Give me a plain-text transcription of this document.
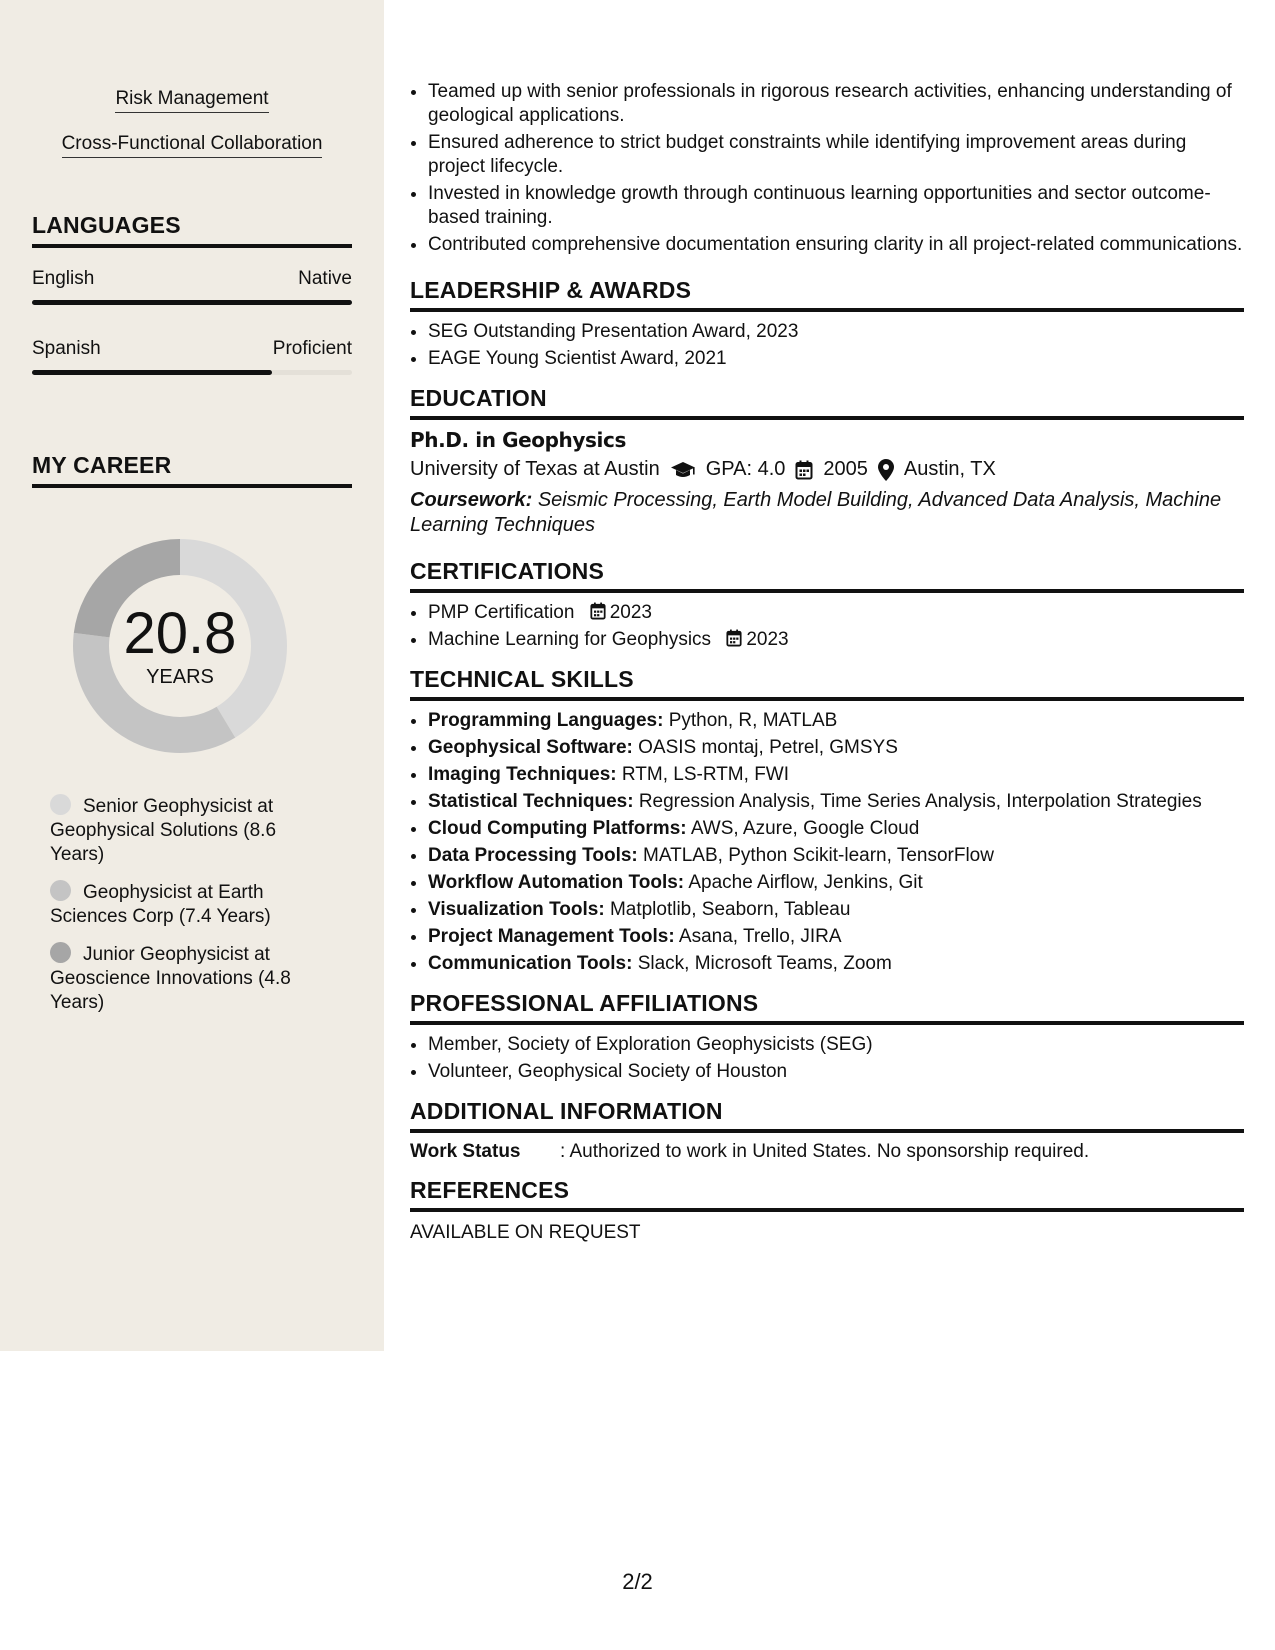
Risk Management
Cross-Functional Collaboration
LANGUAGES
English	Native
Spanish	Proficient
MY CAREER
20.8
YEARS
Senior Geophysicist at Geophysical Solutions (8.6 Years)
Geophysicist at Earth Sciences Corp (7.4 Years)
Junior Geophysicist at Geoscience Innovations (4.8 Years)
• Teamed up with senior professionals in rigorous research activities, enhancing understanding of geological applications.
• Ensured adherence to strict budget constraints while identifying improvement areas during project lifecycle.
• Invested in knowledge growth through continuous learning opportunities and sector outcome-based training.
• Contributed comprehensive documentation ensuring clarity in all project-related communications.
LEADERSHIP & AWARDS
• SEG Outstanding Presentation Award, 2023
• EAGE Young Scientist Award, 2021
EDUCATION
Ph.D. in Geophysics
University of Texas at Austin GPA: 4.0 2005 Austin, TX
Coursework: Seismic Processing, Earth Model Building, Advanced Data Analysis, Machine Learning Techniques
CERTIFICATIONS
• PMP Certification 2023
• Machine Learning for Geophysics 2023
TECHNICAL SKILLS
• Programming Languages: Python, R, MATLAB
• Geophysical Software: OASIS montaj, Petrel, GMSYS
• Imaging Techniques: RTM, LS-RTM, FWI
• Statistical Techniques: Regression Analysis, Time Series Analysis, Interpolation Strategies
• Cloud Computing Platforms: AWS, Azure, Google Cloud
• Data Processing Tools: MATLAB, Python Scikit-learn, TensorFlow
• Workflow Automation Tools: Apache Airflow, Jenkins, Git
• Visualization Tools: Matplotlib, Seaborn, Tableau
• Project Management Tools: Asana, Trello, JIRA
• Communication Tools: Slack, Microsoft Teams, Zoom
PROFESSIONAL AFFILIATIONS
• Member, Society of Exploration Geophysicists (SEG)
• Volunteer, Geophysical Society of Houston
ADDITIONAL INFORMATION
Work Status	: Authorized to work in United States. No sponsorship required.
REFERENCES
AVAILABLE ON REQUEST
2/2
